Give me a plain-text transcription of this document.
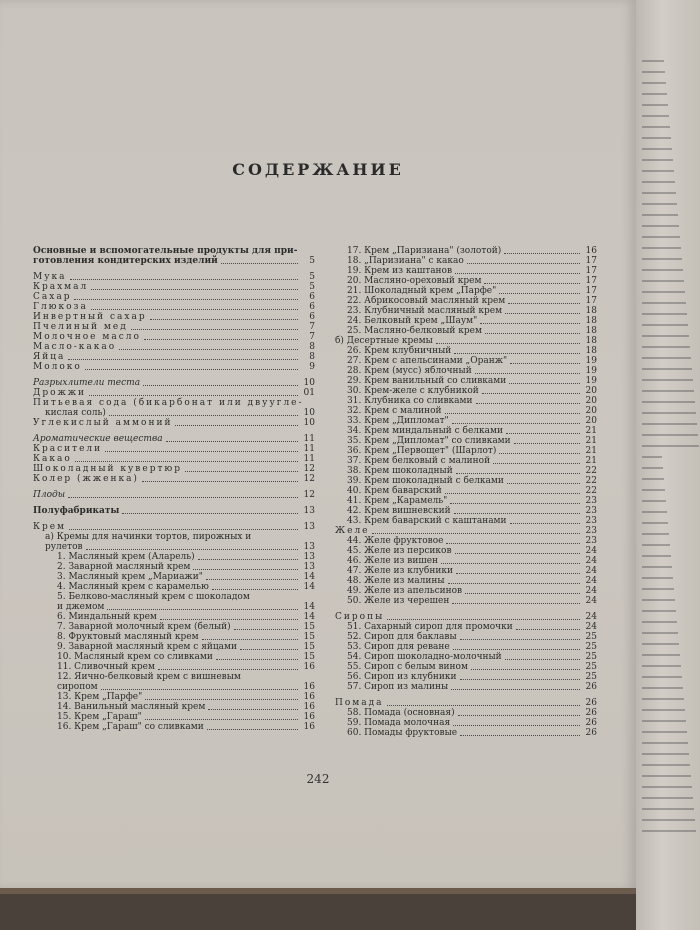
СОДЕРЖАНИЕ
Основные и вспомогательные продукты для при-
готовления кондитерских изделий	5
Мука	5
Крахмал	5
Сахар	6
Глюкоза	6
Инвертный сахар	6
Пчелиный мед	7
Молочное масло	7
Масло-какао	8
Яйца	8
Молоко	9
Разрыхлители теста	10
Дрожжи	01
Питьевая сода (бикарбонат или двууглe-
кислая соль)	10
Углекислый аммоний	10
Ароматические вещества	11
Красители	11
Какао	11
Шоколадный кувертюр	12
Колер (жженка)	12
Плоды	12
Полуфабрикаты	13
Крем	13
а) Кремы для начинки тортов, пирожных и
рулетов	13
1. Масляный крем (Аларель)	13
2. Заварной масляный крем	13
3. Масляный крем „Мариажи"	14
4. Масляный крем с карамелью	14
5. Белково-масляный крем с шоколадом
и джемом	14
6. Миндальный крем	14
7. Заварной молочный крем (белый)	15
8. Фруктовый масляный крем	15
9. Заварной масляный крем с яйцами	15
10. Масляный крем со сливками	15
11. Сливочный крем	16
12. Яично-белковый крем с вишневым
сиропом	16
13. Крем „Парфе"	16
14. Ванильный масляный крем	16
15. Крем „Гараш"	16
16. Крем „Гараш" со сливками	16
17. Крем „Паризиана" (золотой)	16
18. „Паризиана" с какао	17
19. Крем из каштанов	17
20. Масляно-ореховый крем	17
21. Шоколадный крем „Парфе"	17
22. Абрикосовый масляный крем	17
23. Клубничный масляный крем	18
24. Белковый крем „Шаум"	18
25. Масляно-белковый крем	18
б) Десертные кремы	18
26. Крем клубничный	18
27. Крем с апельсинами „Оранж"	19
28. Крем (мусс) яблочный	19
29. Крем ванильный со сливками	19
30. Крем-желе с клубникой	20
31. Клубника со сливками	20
32. Крем с малиной	20
33. Крем „Дипломат"	20
34. Крем миндальный с белками	21
35. Крем „Дипломат" со сливками	21
36. Крем „Первощет" (Шарлот)	21
37. Крем белковый с малиной	21
38. Крем шоколадный	22
39. Крем шоколадный с белками	22
40. Крем баварский	22
41. Крем „Карамель"	23
42. Крем вишневский	23
43. Крем баварский с каштанами	23
Желе	23
44. Желе фруктовое	23
45. Желе из персиков	24
46. Желе из вишен	24
47. Желе из клубники	24
48. Желе из малины	24
49. Желе из апельсинов	24
50. Желе из черешен	24
Сиропы	24
51. Сахарный сироп для промочки	24
52. Сироп для баклавы	25
53. Сироп для реване	25
54. Сироп шоколадно-молочный	25
55. Сироп с белым вином	25
56. Сироп из клубники	25
57. Сироп из малины	26
Помада	26
58. Помада (основная)	26
59. Помада молочная	26
60. Помады фруктовые	26
242
